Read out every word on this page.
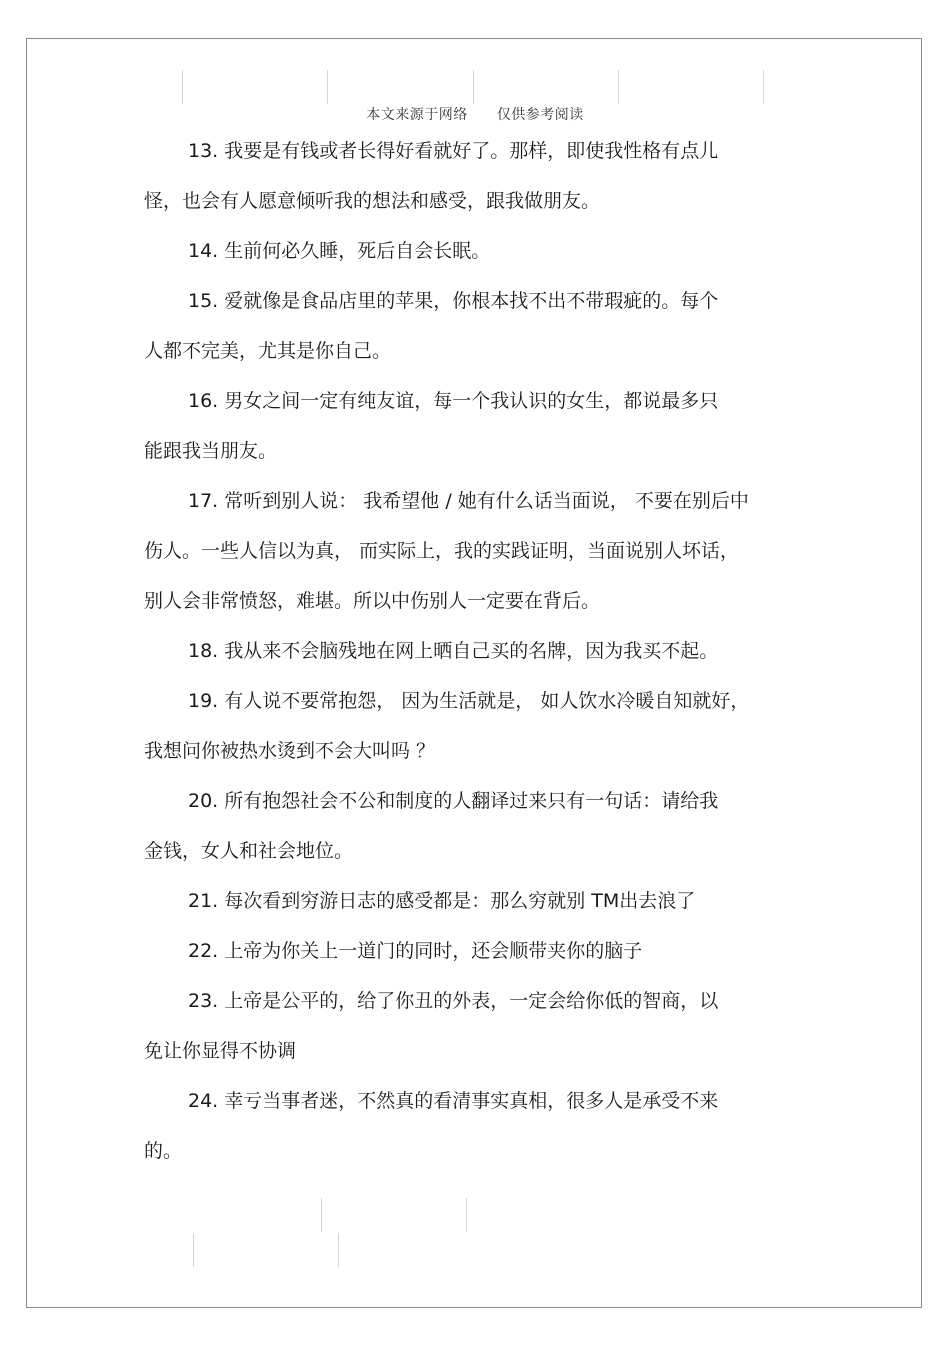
本文来源于网络 仅供参考阅读
13. 我要是有钱或者长得好看就好了。那样，即使我性格有点儿
怪，也会有人愿意倾听我的想法和感受，跟我做朋友。
14. 生前何必久睡，死后自会长眠。
15. 爱就像是食品店里的苹果，你根本找不出不带瑕疵的。每个
人都不完美，尤其是你自己。
16. 男女之间一定有纯友谊，每一个我认识的女生，都说最多只
能跟我当朋友。
17. 常听到别人说： 我希望他 / 她有什么话当面说， 不要在别后中
伤人。一些人信以为真， 而实际上，我的实践证明，当面说别人坏话，
别人会非常愤怒，难堪。所以中伤别人一定要在背后。
18. 我从来不会脑残地在网上晒自己买的名牌，因为我买不起。
19. 有人说不要常抱怨， 因为生活就是， 如人饮水冷暖自知就好，
我想问你被热水烫到不会大叫吗 ？
20. 所有抱怨社会不公和制度的人翻译过来只有一句话：请给我
金钱，女人和社会地位。
21. 每次看到穷游日志的感受都是：那么穷就别 TM出去浪了
22. 上帝为你关上一道门的同时，还会顺带夹你的脑子
23. 上帝是公平的，给了你丑的外表，一定会给你低的智商，以
免让你显得不协调
24. 幸亏当事者迷，不然真的看清事实真相，很多人是承受不来
的。
